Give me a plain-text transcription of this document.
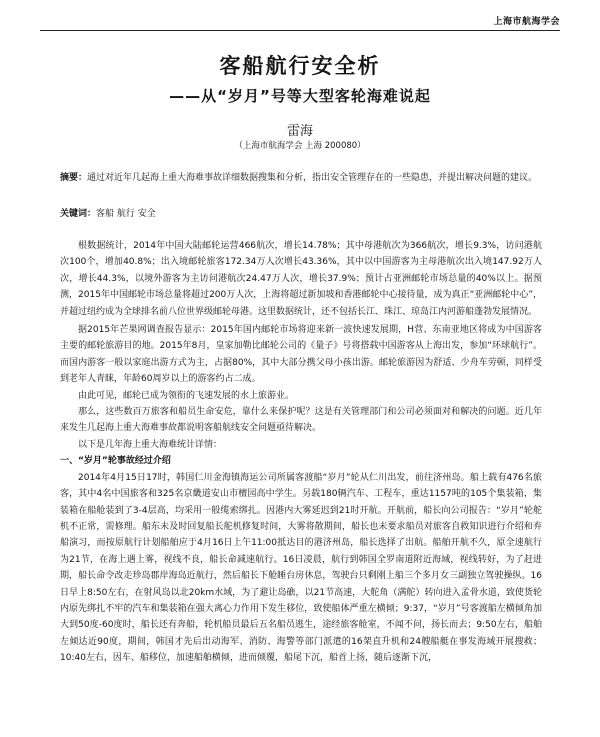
上海市航海学会
客船航行安全析
——从“岁月”号等大型客轮海难说起
雷海
（上海市航海学会 上海 200080）
摘要：通过对近年几起海上重大海难事故详细数据搜集和分析，指出安全管理存在的一些隐患，并提出解决问题的建议。
关键词：客船 航行 安全

根数据统计，2014年中国大陆邮轮运营466航次，增长14.78%；其中母港航次为366航次，增长9.3%，访问港航次100个，增加40.8%；出入境邮轮旅客172.34万人次增长43.36%，其中以中国游客为主母港航次出入境147.92万人次，增长44.3%，以境外游客为主访问港航次24.47万人次，增长37.9%；预计占亚洲邮轮市场总量的40%以上。据预测，2015年中国邮轮市场总量将超过200万人次，上海将超过新加坡和香港邮轮中心接待量，成为真正“亚洲邮轮中心”，并超过纽约成为全球排名前八位世界级邮轮母港。这里数据统计，还不包括长江、珠江、琼岛江内河游船蓬勃发展情况。

据2015年芒果网调查报告显示：2015年国内邮轮市场将迎来新一波快速发展期，H营、东南亚地区将成为中国游客主要的邮轮旅游目的地。2015年8月，皇家加勒比邮轮公司的《量子》号将搭载中国游客从上海出发，参加“环球航行”。而国内游客一般以家庭出游方式为主，占据80%，其中大部分携父母小孩出游。邮轮旅游因为舒适、少舟车劳顿，同样受到老年人青睐，年龄60周岁以上的游客约占二成。

由此可见，邮轮已成为领衔的飞速发展的水上旅游业。

那么，这些数百万旅客和船员生命安危，靠什么来保护呢？这是有关管理部门和公司必须面对和解决的问题。近几年来发生几起海上重大海难事故都说明客船航线安全问题亟待解决。

以下是几年海上重大海难统计详情：

一、“岁月”轮事故经过介绍

2014年4月15日17时，韩国仁川金海镇海运公司所属客渡船“岁月”轮从仁川出发，前往济州岛。船上载有476名旅客，其中4名中国旅客和325名京畿道安山市檀园高中学生。另载180辆汽车、工程车，重达1157吨的105个集装箱，集装箱在船舱装到了3-4层高，均采用一般缆索绑扎。因港内大雾延迟到21时开航。开航前，船长向公司报告：“岁月”轮舵机不正常，需修理。船东未及时回复船长舵机修复时间，大雾将散期间，船长也未要求船员对旅客自救知识进行介绍和弃船演习，而按原航行计划船舶应于4月16日上午11:00抵达目的港济州岛，船长选择了出航。船舶开航不久，原全速航行为21节，在海上遇上雾，视线不良，船长命减速航行。16日凌晨，航行到韩国全罗南道附近海域，视线转好，为了赶进期，船长命令改走珍岛郡岸海岛近航行，然后船长下舱睡台房休息，驾驶台只剩刚上船三个多月女三副独立驾驶操纵。16日早上8:50左右，在射风岛以北20km水域，为了避让岛礁，以21节高速，大舵角（满舵）转向进入孟骨水道，致使货轮内原先绑扎不牢的汽车和集装箱在强大离心力作用下发生移位，致使船体严重左横倾；9:37，“岁月”号客渡船左横倾角加大到50度-60度时，船长还有奔船，轮机船员最后五名船员逃生，途经旅客舱室，不闻不问，扬长而去；9:50左右，船舶左倾达近90度，期间，韩国才先后出动海军、消防、海警等部门派遣的16架直升机和24艘船艇在事发海域开展搜救；10:40左右，因车、船移位，加速船舶横倾，进而倾覆，船尾下沉，船首上扬，随后逐渐下沉，
